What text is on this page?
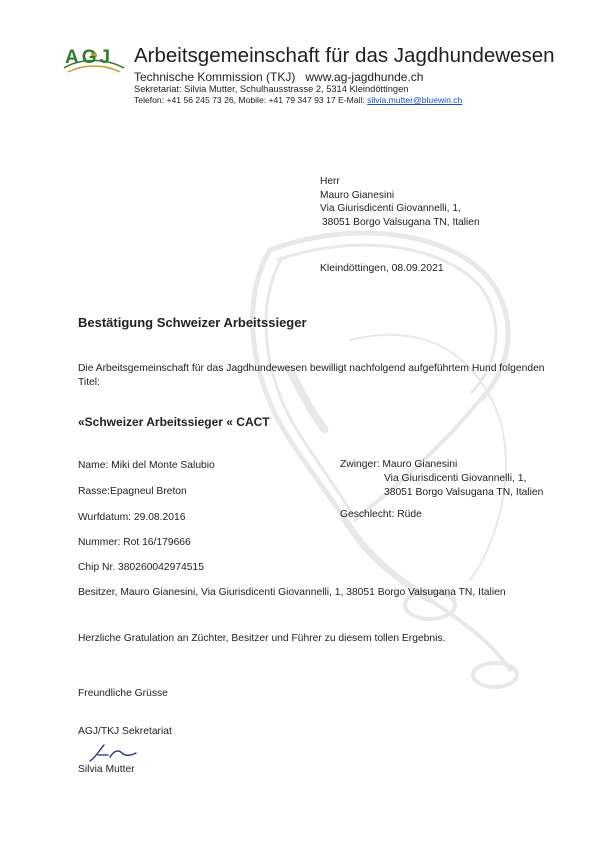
AGJ Arbeitsgemeinschaft für das Jagdhundewesen
Technische Kommission (TKJ) www.ag-jagdhunde.ch
Sekretariat: Silvia Mutter, Schulhausstrasse 2, 5314 Kleindöttingen
Telefon: +41 56 245 73 26, Mobile: +41 79 347 93 17 E-Mail: silvia.mutter@bluewin.ch
Herr
Mauro Gianesini
Via Giurisdicenti Giovannelli, 1,
38051 Borgo Valsugana TN, Italien
Kleindöttingen, 08.09.2021
Bestätigung Schweizer Arbeitssieger
Die Arbeitsgemeinschaft für das Jagdhundewesen bewilligt nachfolgend aufgeführtem Hund folgenden Titel:
«Schweizer Arbeitssieger « CACT
Name: Miki del Monte Salubio
Rasse:Epagneul Breton
Wurfdatum: 29.08.2016
Nummer: Rot 16/179666
Chip Nr. 380260042974515
Besitzer, Mauro Gianesini, Via Giurisdicenti Giovannelli, 1, 38051 Borgo Valsugana TN, Italien
Zwinger: Mauro Gianesini
Via Giurisdicenti Giovannelli, 1,
38051 Borgo Valsugana TN, Italien
Geschlecht: Rüde
Herzliche Gratulation an Züchter, Besitzer und Führer zu diesem tollen Ergebnis.
Freundliche Grüsse
AGJ/TKJ Sekretariat
Silvia Mutter
